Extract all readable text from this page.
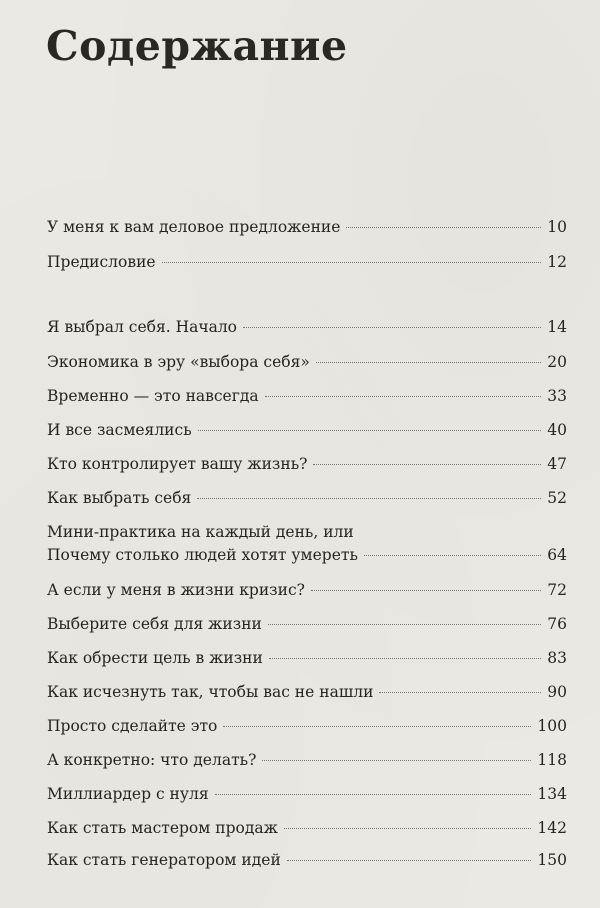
Содержание
У меня к вам деловое предложение	10
Предисловие	12
Я выбрал себя. Начало	14
Экономика в эру «выбора себя»	20
Временно — это навсегда	33
И все засмеялись	40
Кто контролирует вашу жизнь?	47
Как выбрать себя	52
Мини-практика на каждый день, или
Почему столько людей хотят умереть	64
А если у меня в жизни кризис?	72
Выберите себя для жизни	76
Как обрести цель в жизни	83
Как исчезнуть так, чтобы вас не нашли	90
Просто сделайте это	100
А конкретно: что делать?	118
Миллиардер с нуля	134
Как стать мастером продаж	142
Как стать генератором идей	150
